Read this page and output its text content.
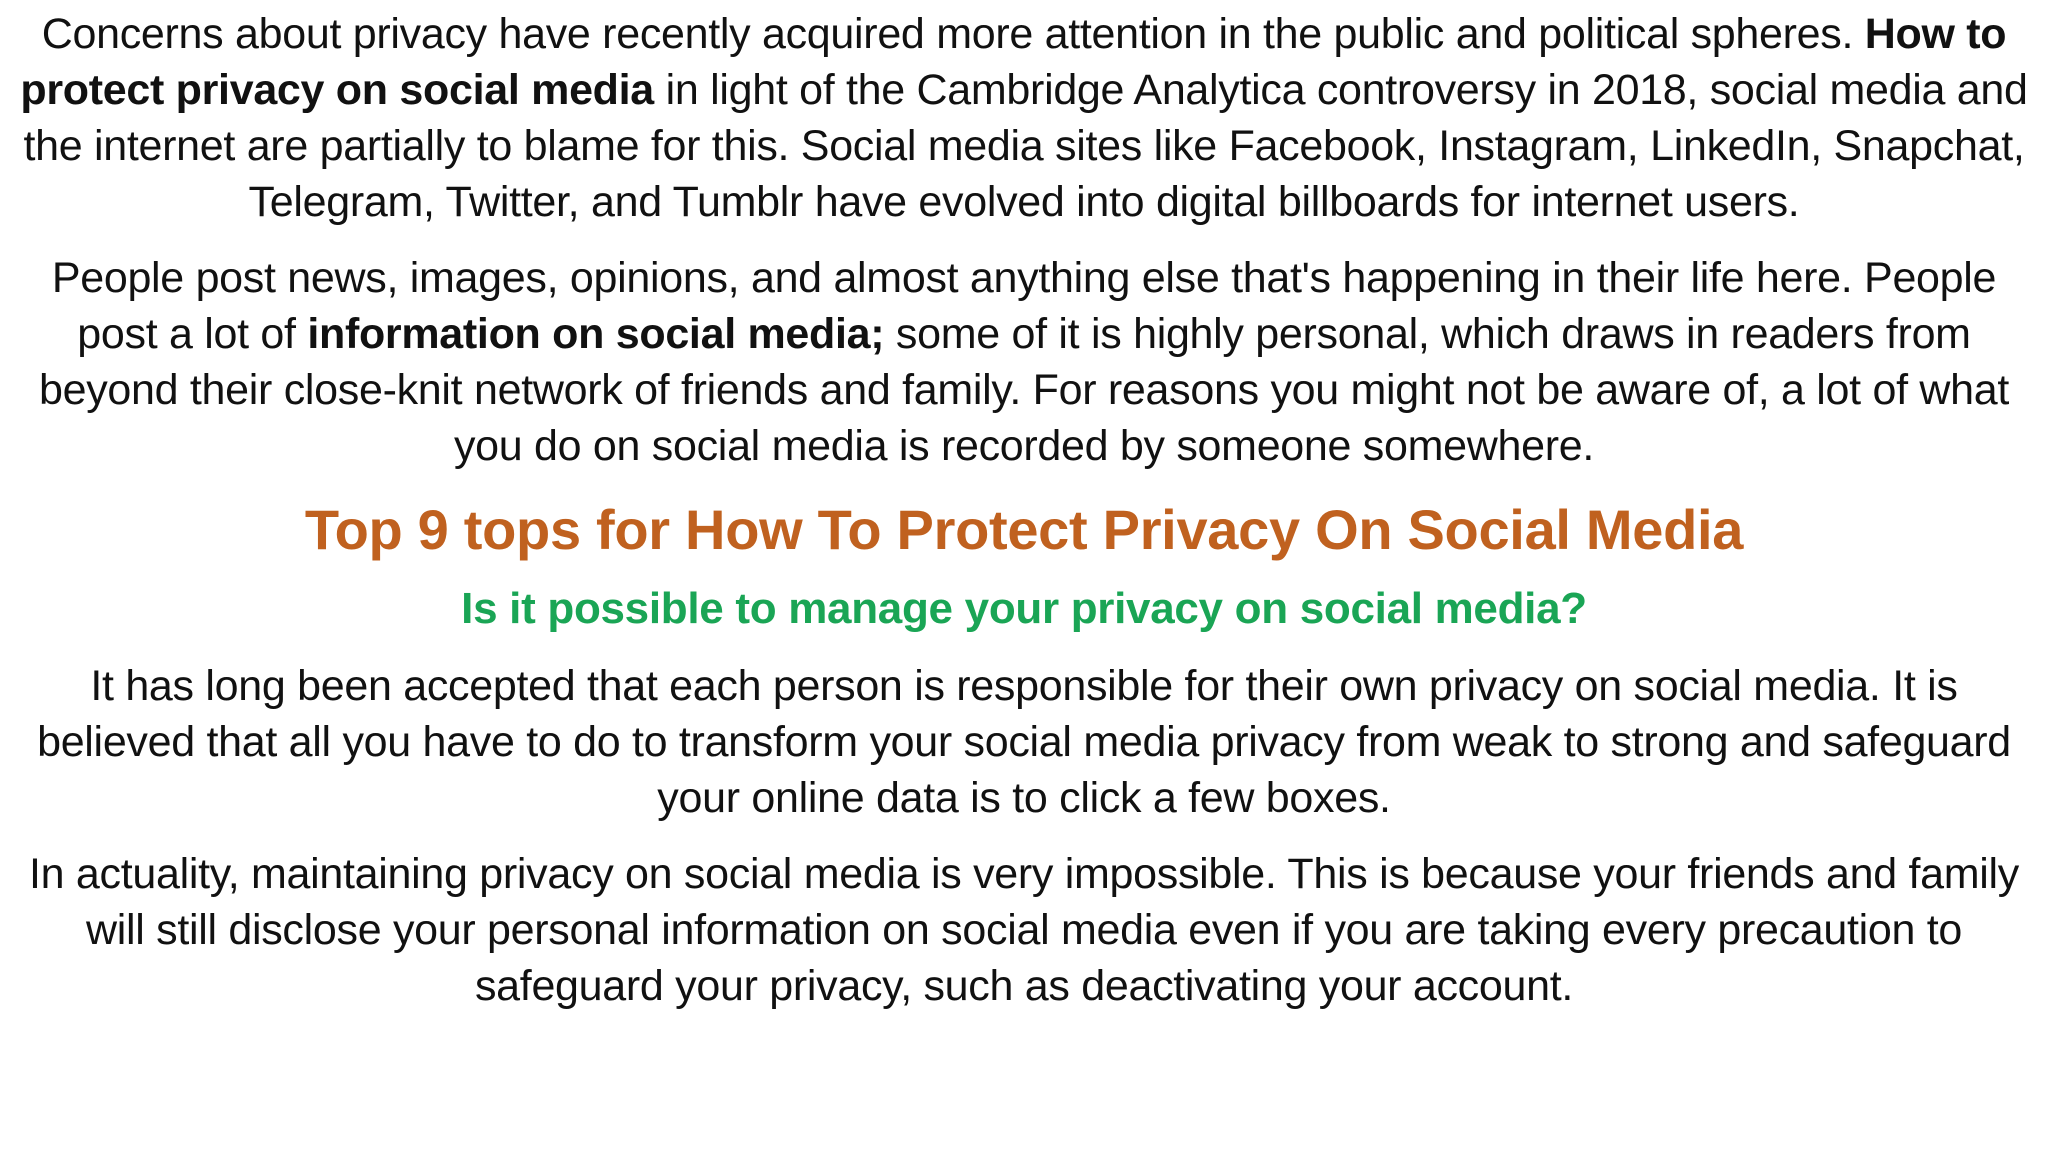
Concerns about privacy have recently acquired more attention in the public and political spheres. How to protect privacy on social media in light of the Cambridge Analytica controversy in 2018, social media and the internet are partially to blame for this. Social media sites like Facebook, Instagram, LinkedIn, Snapchat, Telegram, Twitter, and Tumblr have evolved into digital billboards for internet users.

People post news, images, opinions, and almost anything else that's happening in their life here. People post a lot of information on social media; some of it is highly personal, which draws in readers from beyond their close-knit network of friends and family. For reasons you might not be aware of, a lot of what you do on social media is recorded by someone somewhere.

Top 9 tops for How To Protect Privacy On Social Media
Is it possible to manage your privacy on social media?

It has long been accepted that each person is responsible for their own privacy on social media. It is believed that all you have to do to transform your social media privacy from weak to strong and safeguard your online data is to click a few boxes.

In actuality, maintaining privacy on social media is very impossible. This is because your friends and family will still disclose your personal information on social media even if you are taking every precaution to safeguard your privacy, such as deactivating your account.
